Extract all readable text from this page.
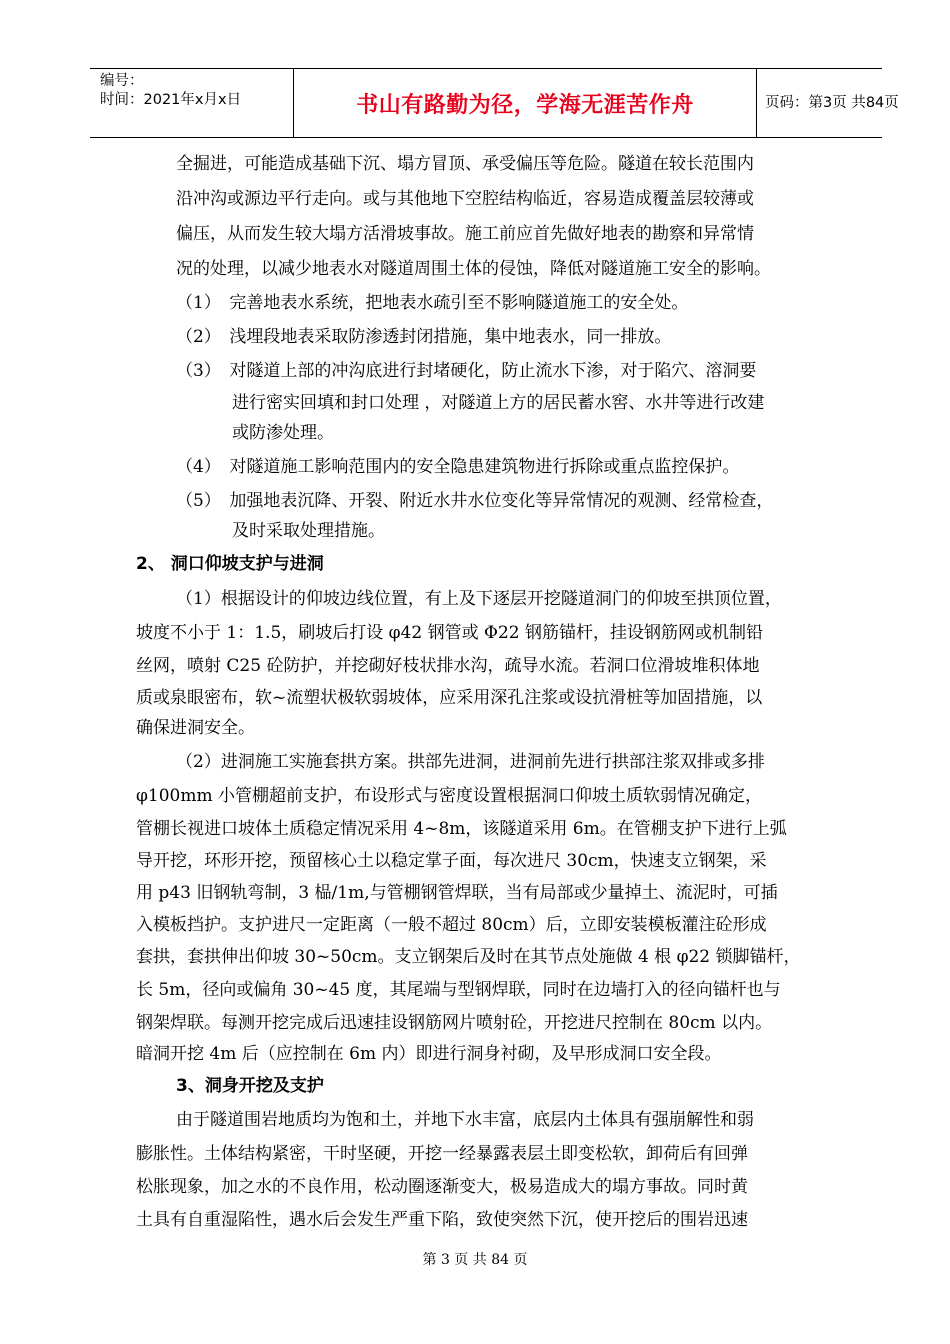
编号：
时间：2021年x月x日	书山有路勤为径，学海无涯苦作舟	页码：第3页 共84页
全掘进，可能造成基础下沉、塌方冒顶、承受偏压等危险。隧道在较长范围内
沿冲沟或源边平行走向。或与其他地下空腔结构临近，容易造成覆盖层较薄或
偏压，从而发生较大塌方活滑坡事故。施工前应首先做好地表的勘察和异常情
况的处理，以减少地表水对隧道周围土体的侵蚀，降低对隧道施工安全的影响。
（1）　完善地表水系统，把地表水疏引至不影响隧道施工的安全处。
（2）　浅埋段地表采取防渗透封闭措施，集中地表水，同一排放。
（3）　对隧道上部的冲沟底进行封堵硬化，防止流水下渗，对于陷穴、溶洞要
进行密实回填和封口处理 ，对隧道上方的居民蓄水窖、水井等进行改建
或防渗处理。
（4）　对隧道施工影响范围内的安全隐患建筑物进行拆除或重点监控保护。
（5）　加强地表沉降、开裂、附近水井水位变化等异常情况的观测、经常检查，
及时采取处理措施。
2、 洞口仰坡支护与进洞
（1）根据设计的仰坡边线位置，有上及下逐层开挖隧道洞门的仰坡至拱顶位置，
坡度不小于 1：1.5，刷坡后打设 φ42 钢管或 Φ22 钢筋锚杆，挂设钢筋网或机制铅
丝网，喷射 C25 砼防护，并挖砌好枝状排水沟，疏导水流。若洞口位滑坡堆积体地
质或泉眼密布，软~流塑状极软弱坡体，应采用深孔注浆或设抗滑桩等加固措施，以
确保进洞安全。
（2）进洞施工实施套拱方案。拱部先进洞，进洞前先进行拱部注浆双排或多排
φ100mm 小管棚超前支护，布设形式与密度设置根据洞口仰坡土质软弱情况确定，
管棚长视进口坡体土质稳定情况采用 4~8m，该隧道采用 6m。在管棚支护下进行上弧
导开挖，环形开挖，预留核心土以稳定掌子面，每次进尺 30cm，快速支立钢架，采
用 p43 旧钢轨弯制，3 榀/1m,与管棚钢管焊联，当有局部或少量掉土、流泥时，可插
入模板挡护。支护进尺一定距离（一般不超过 80cm）后，立即安装模板灌注砼形成
套拱，套拱伸出仰坡 30~50cm。支立钢架后及时在其节点处施做 4 根 φ22 锁脚锚杆，
长 5m，径向或偏角 30~45 度，其尾端与型钢焊联，同时在边墙打入的径向锚杆也与
钢架焊联。每测开挖完成后迅速挂设钢筋网片喷射砼，开挖进尺控制在 80cm 以内。
暗洞开挖 4m 后（应控制在 6m 内）即进行洞身衬砌，及早形成洞口安全段。
3、洞身开挖及支护
由于隧道围岩地质均为饱和土，并地下水丰富，底层内土体具有强崩解性和弱
膨胀性。土体结构紧密，干时坚硬，开挖一经暴露表层土即变松软，卸荷后有回弹
松胀现象，加之水的不良作用，松动圈逐渐变大，极易造成大的塌方事故。同时黄
土具有自重湿陷性，遇水后会发生严重下陷，致使突然下沉，使开挖后的围岩迅速
第 3 页 共 84 页
